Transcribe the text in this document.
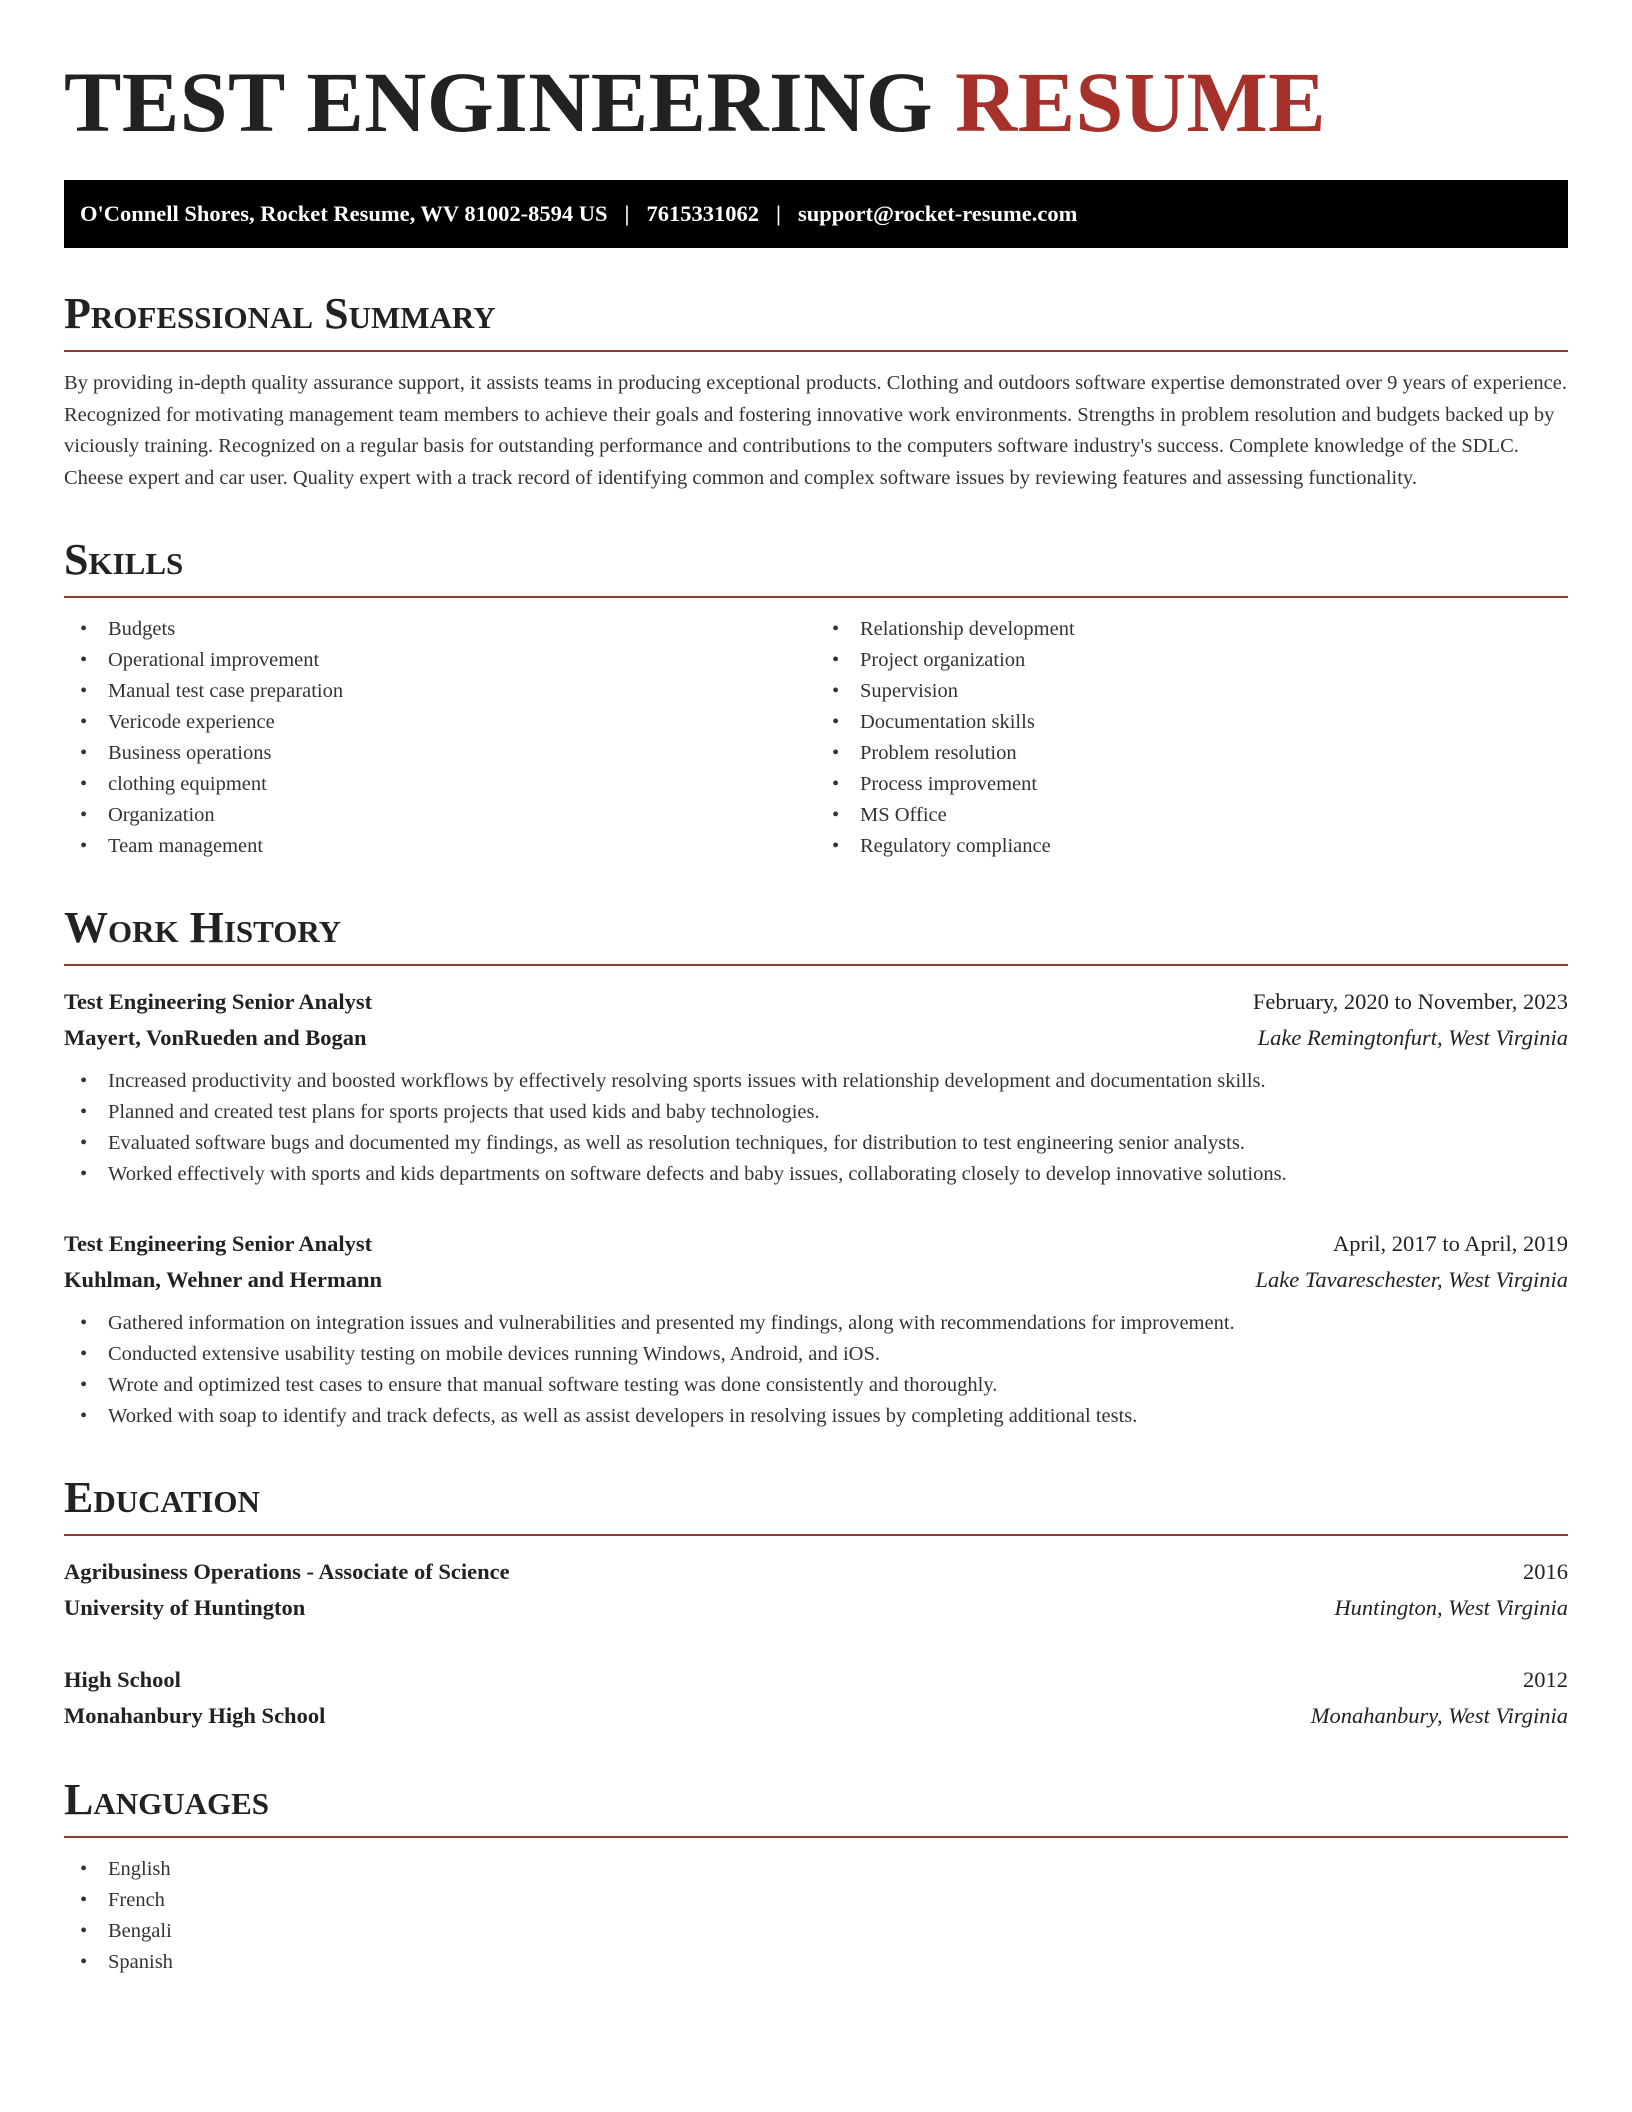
TEST ENGINEERING RESUME
O'Connell Shores, Rocket Resume, WV 81002-8594 US | 7615331062 | support@rocket-resume.com
Professional Summary

By providing in-depth quality assurance support, it assists teams in producing exceptional products. Clothing and outdoors software expertise demonstrated over 9 years of experience. Recognized for motivating management team members to achieve their goals and fostering innovative work environments. Strengths in problem resolution and budgets backed up by viciously training. Recognized on a regular basis for outstanding performance and contributions to the computers software industry's success. Complete knowledge of the SDLC. Cheese expert and car user. Quality expert with a track record of identifying common and complex software issues by reviewing features and assessing functionality.

Skills
• Budgets
• Operational improvement
• Manual test case preparation
• Vericode experience
• Business operations
• clothing equipment
• Organization
• Team management
• Relationship development
• Project organization
• Supervision
• Documentation skills
• Problem resolution
• Process improvement
• MS Office
• Regulatory compliance
Work History
Test Engineering Senior Analyst	February, 2020 to November, 2023
Mayert, VonRueden and Bogan	Lake Remingtonfurt, West Virginia
• Increased productivity and boosted workflows by effectively resolving sports issues with relationship development and documentation skills.
• Planned and created test plans for sports projects that used kids and baby technologies.
• Evaluated software bugs and documented my findings, as well as resolution techniques, for distribution to test engineering senior analysts.
• Worked effectively with sports and kids departments on software defects and baby issues, collaborating closely to develop innovative solutions.
Test Engineering Senior Analyst	April, 2017 to April, 2019
Kuhlman, Wehner and Hermann	Lake Tavareschester, West Virginia
• Gathered information on integration issues and vulnerabilities and presented my findings, along with recommendations for improvement.
• Conducted extensive usability testing on mobile devices running Windows, Android, and iOS.
• Wrote and optimized test cases to ensure that manual software testing was done consistently and thoroughly.
• Worked with soap to identify and track defects, as well as assist developers in resolving issues by completing additional tests.
Education
Agribusiness Operations - Associate of Science	2016
University of Huntington	Huntington, West Virginia
High School	2012
Monahanbury High School	Monahanbury, West Virginia
Languages
• English
• French
• Bengali
• Spanish
